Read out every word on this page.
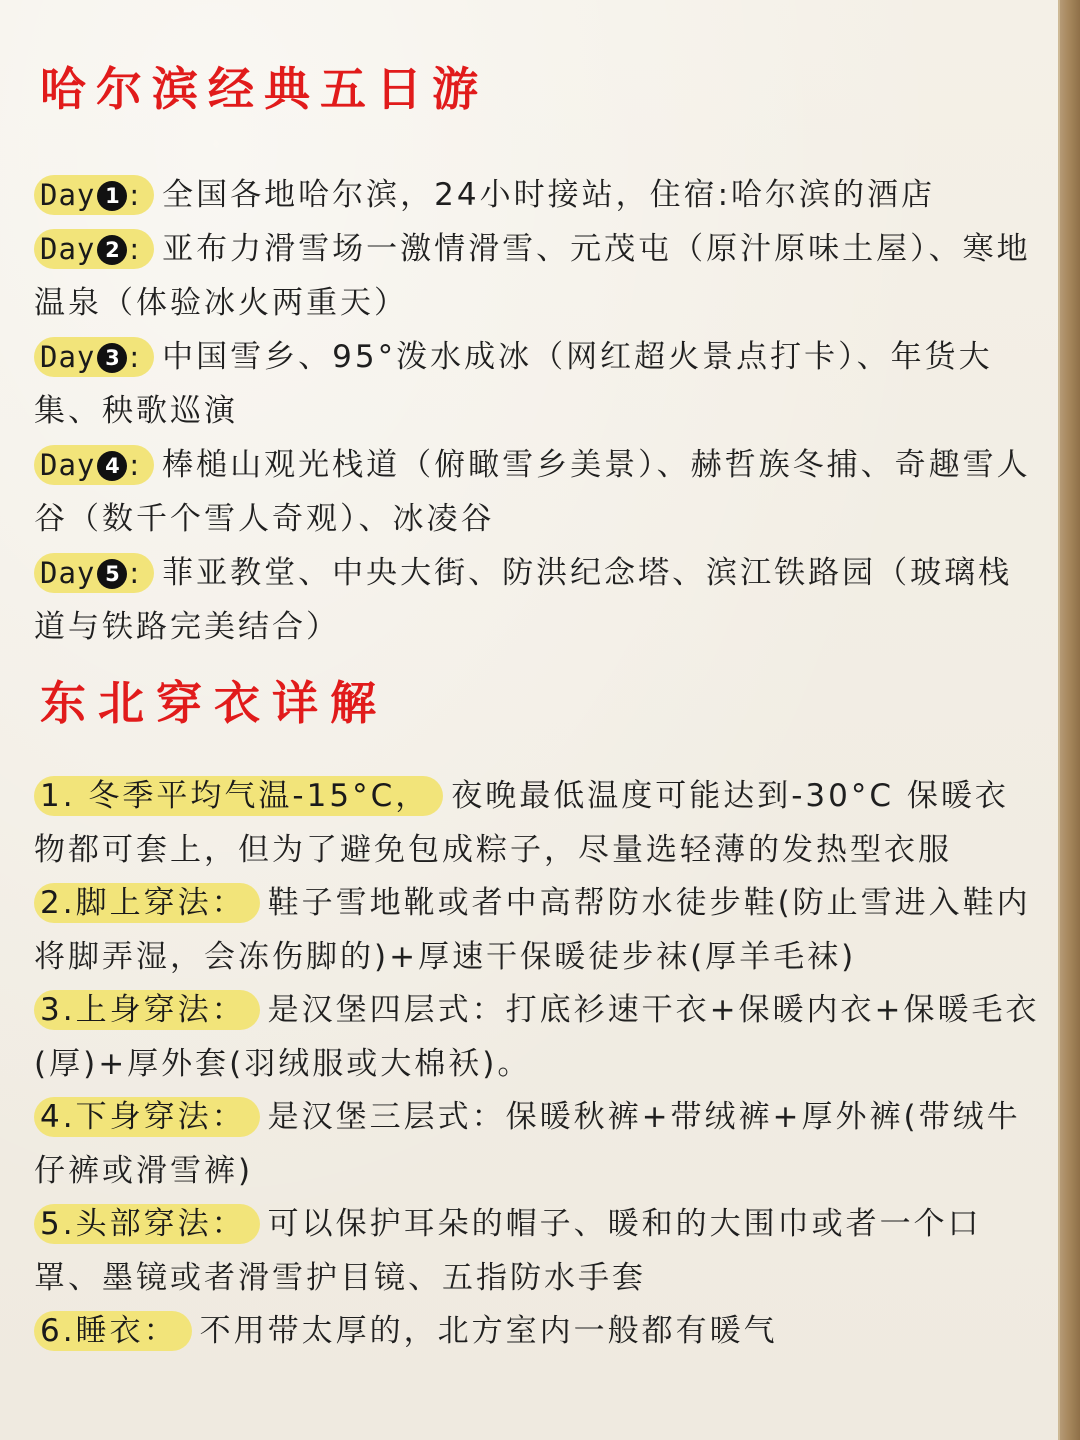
哈尔滨经典五日游

Day 1 : 全国各地哈尔滨，24小时接站，住宿:哈尔滨的酒店

Day 2 : 亚布力滑雪场一激情滑雪、元茂屯（原汁原味土屋）、寒地温泉（体验冰火两重天）

Day 3 : 中国雪乡、95°泼水成冰（网红超火景点打卡）、年货大集、秧歌巡演

Day 4 : 棒槌山观光栈道（俯瞰雪乡美景）、赫哲族冬捕、奇趣雪人谷（数千个雪人奇观）、冰凌谷

Day 5 : 菲亚教堂、中央大街、防洪纪念塔、滨江铁路园（玻璃栈道与铁路完美结合）

东北穿衣详解

1. 冬季平均气温-15°C， 夜晚最低温度可能达到-30°C 保暖衣物都可套上，但为了避免包成粽子，尽量选轻薄的发热型衣服

2.脚上穿法： 鞋子雪地靴或者中高帮防水徒步鞋(防止雪进入鞋内将脚弄湿，会冻伤脚的)+厚速干保暖徒步袜(厚羊毛袜)

3.上身穿法： 是汉堡四层式：打底衫速干衣+保暖内衣+保暖毛衣(厚)+厚外套(羽绒服或大棉袄)。

4.下身穿法： 是汉堡三层式：保暖秋裤+带绒裤+厚外裤(带绒牛仔裤或滑雪裤)

5.头部穿法： 可以保护耳朵的帽子、暖和的大围巾或者一个口罩、墨镜或者滑雪护目镜、五指防水手套

6.睡衣： 不用带太厚的，北方室内一般都有暖气
